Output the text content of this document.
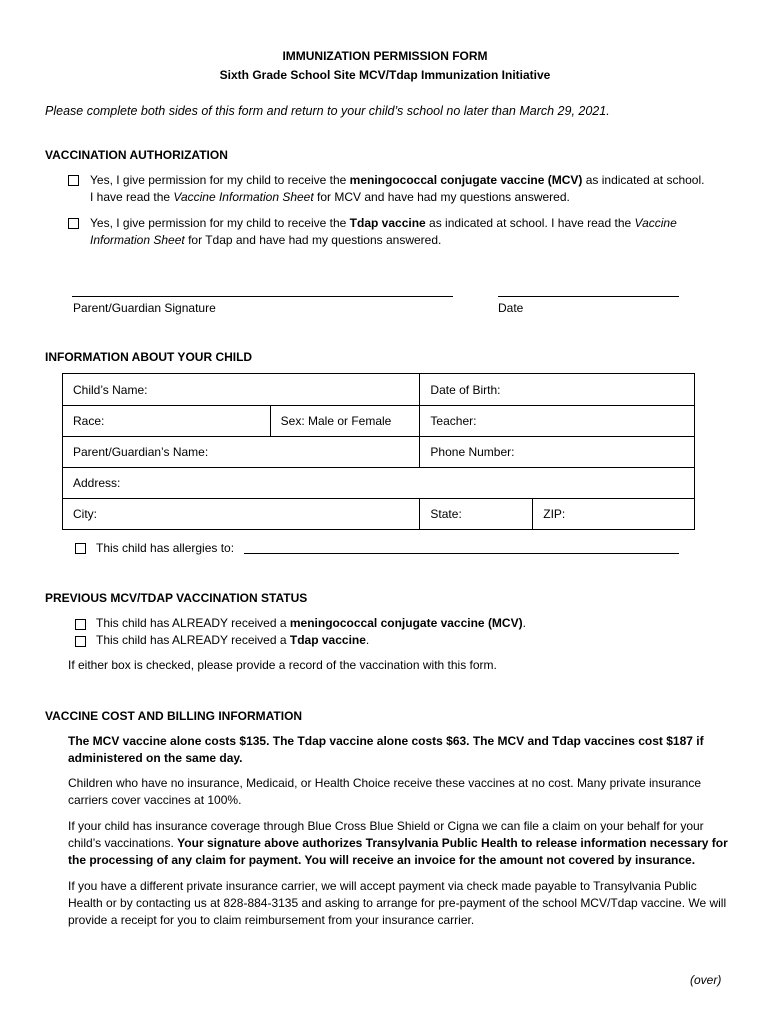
IMMUNIZATION PERMISSION FORM
Sixth Grade School Site MCV/Tdap Immunization Initiative
Please complete both sides of this form and return to your child’s school no later than March 29, 2021.
VACCINATION AUTHORIZATION
Yes, I give permission for my child to receive the meningococcal conjugate vaccine (MCV) as indicated at school.
I have read the Vaccine Information Sheet for MCV and have had my questions answered.
Yes, I give permission for my child to receive the Tdap vaccine as indicated at school. I have read the Vaccine
Information Sheet for Tdap and have had my questions answered.
Parent/Guardian Signature	Date
INFORMATION ABOUT YOUR CHILD
Child’s Name:		Date of Birth:	
Race:	Sex: Male or Female	Teacher:	
Parent/Guardian’s Name:		Phone Number:	
Address:			
City:		State:	ZIP:
This child has allergies to:
PREVIOUS MCV/TDAP VACCINATION STATUS
This child has ALREADY received a meningococcal conjugate vaccine (MCV).
This child has ALREADY received a Tdap vaccine.
If either box is checked, please provide a record of the vaccination with this form.
VACCINE COST AND BILLING INFORMATION
The MCV vaccine alone costs $135. The Tdap vaccine alone costs $63. The MCV and Tdap vaccines cost $187 if administered on the same day.
Children who have no insurance, Medicaid, or Health Choice receive these vaccines at no cost. Many private insurance carriers cover vaccines at 100%.
If your child has insurance coverage through Blue Cross Blue Shield or Cigna we can file a claim on your behalf for your child’s vaccinations. Your signature above authorizes Transylvania Public Health to release information necessary for the processing of any claim for payment. You will receive an invoice for the amount not covered by insurance.
If you have a different private insurance carrier, we will accept payment via check made payable to Transylvania Public Health or by contacting us at 828-884-3135 and asking to arrange for pre-payment of the school MCV/Tdap vaccine. We will provide a receipt for you to claim reimbursement from your insurance carrier.
(over)
